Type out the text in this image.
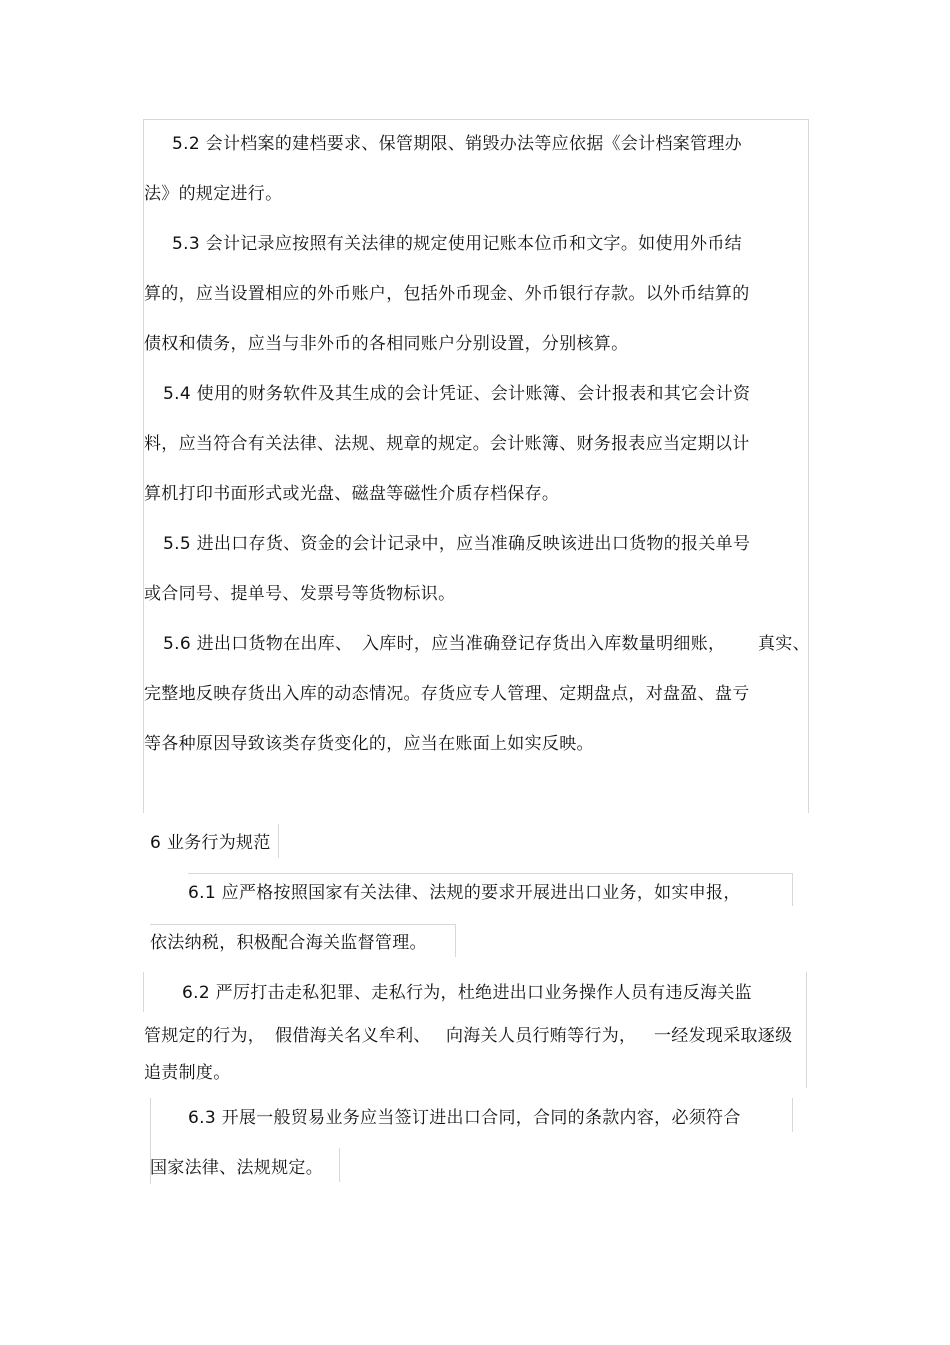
5.2 会计档案的建档要求、保管期限、销毁办法等应依据《会计档案管理办
法》的规定进行。
5.3 会计记录应按照有关法律的规定使用记账本位币和文字。如使用外币结
算的，应当设置相应的外币账户，包括外币现金、外币银行存款。以外币结算的
债权和债务，应当与非外币的各相同账户分别设置，分别核算。
5.4 使用的财务软件及其生成的会计凭证、会计账簿、会计报表和其它会计资
料，应当符合有关法律、法规、规章的规定。会计账簿、财务报表应当定期以计
算机打印书面形式或光盘、磁盘等磁性介质存档保存。
5.5 进出口存货、资金的会计记录中，应当准确反映该进出口货物的报关单号
或合同号、提单号、发票号等货物标识。
5.6 进出口货物在出库、 入库时，应当准确登记存货出入库数量明细账， 真实、
完整地反映存货出入库的动态情况。存货应专人管理、定期盘点，对盘盈、盘亏
等各种原因导致该类存货变化的，应当在账面上如实反映。
6 业务行为规范
6.1 应严格按照国家有关法律、法规的要求开展进出口业务，如实申报，
依法纳税，积极配合海关监督管理。
6.2 严厉打击走私犯罪、走私行为，杜绝进出口业务操作人员有违反海关监
管规定的行为， 假借海关名义牟利、 向海关人员行贿等行为， 一经发现采取逐级
追责制度。
6.3 开展一般贸易业务应当签订进出口合同，合同的条款内容，必须符合
国家法律、法规规定。
